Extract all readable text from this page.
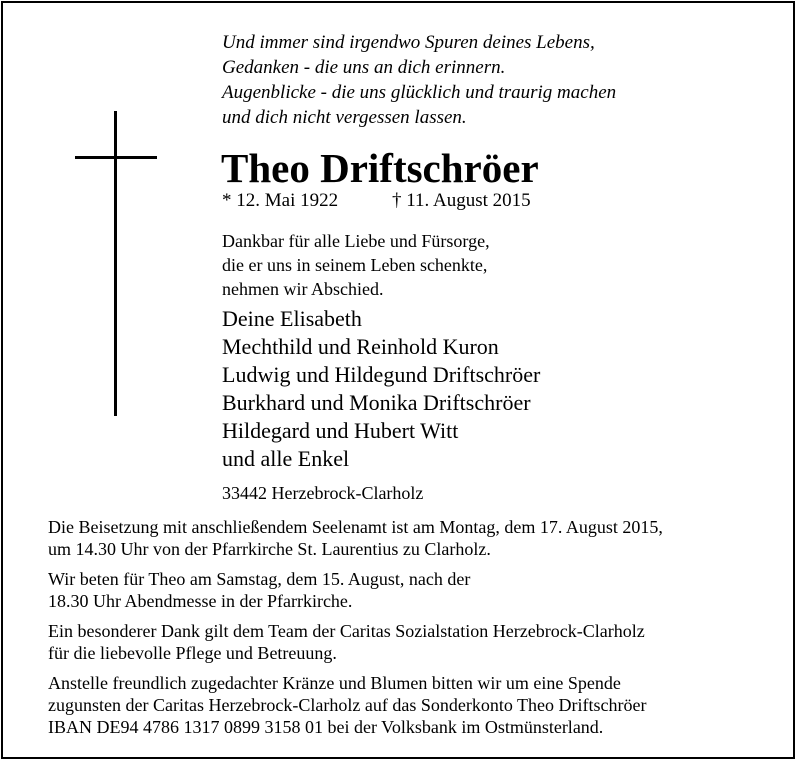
Und immer sind irgendwo Spuren deines Lebens,
Gedanken - die uns an dich erinnern.
Augenblicke - die uns glücklich und traurig machen
und dich nicht vergessen lassen.
Theo Driftschröer
* 12. Mai 1922	† 11. August 2015
Dankbar für alle Liebe und Fürsorge,
die er uns in seinem Leben schenkte,
nehmen wir Abschied.
Deine Elisabeth
Mechthild und Reinhold Kuron
Ludwig und Hildegund Driftschröer
Burkhard und Monika Driftschröer
Hildegard und Hubert Witt
und alle Enkel
33442 Herzebrock-Clarholz
Die Beisetzung mit anschließendem Seelenamt ist am Montag, dem 17. August 2015,
um 14.30 Uhr von der Pfarrkirche St. Laurentius zu Clarholz.
Wir beten für Theo am Samstag, dem 15. August, nach der
18.30 Uhr Abendmesse in der Pfarrkirche.
Ein besonderer Dank gilt dem Team der Caritas Sozialstation Herzebrock-Clarholz
für die liebevolle Pflege und Betreuung.
Anstelle freundlich zugedachter Kränze und Blumen bitten wir um eine Spende
zugunsten der Caritas Herzebrock-Clarholz auf das Sonderkonto Theo Driftschröer
IBAN DE94 4786 1317 0899 3158 01 bei der Volksbank im Ostmünsterland.
